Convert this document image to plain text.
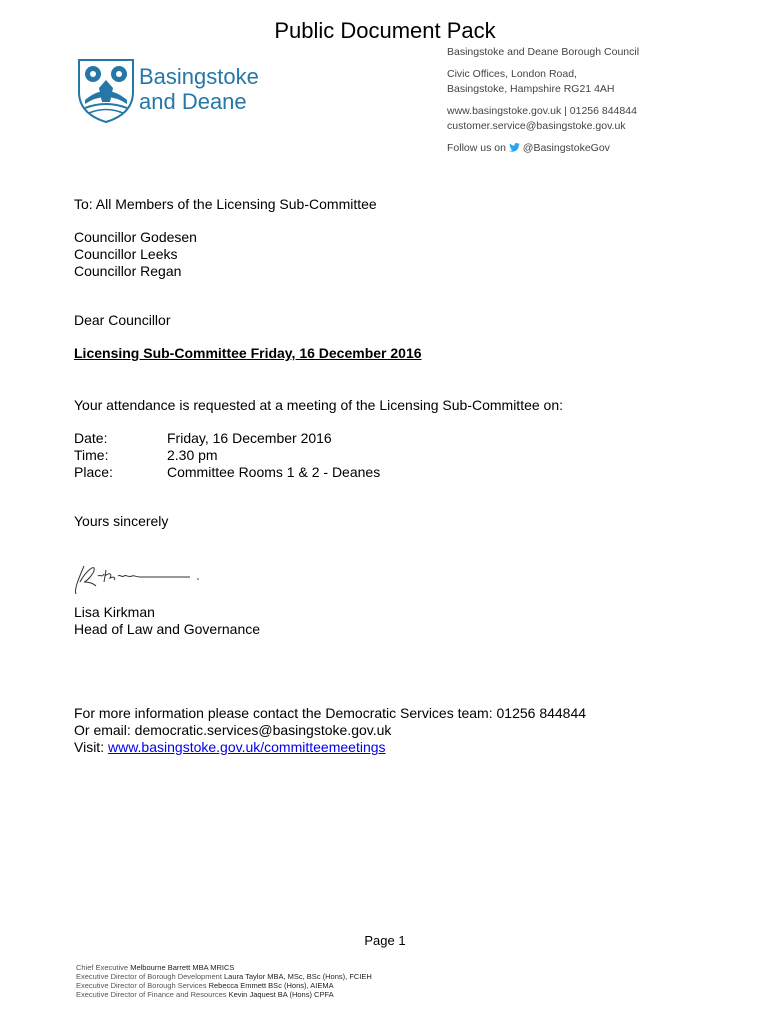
Public Document Pack
Basingstoke
and Deane
Basingstoke and Deane Borough Council
Civic Offices, London Road,
Basingstoke, Hampshire RG21 4AH
www.basingstoke.gov.uk | 01256 844844
customer.service@basingstoke.gov.uk
Follow us on @BasingstokeGov
To: All Members of the Licensing Sub-Committee
Councillor Godesen
Councillor Leeks
Councillor Regan
Dear Councillor
Licensing Sub-Committee Friday, 16 December 2016
Your attendance is requested at a meeting of the Licensing Sub-Committee on:
Date:	Friday, 16 December 2016
Time:	2.30 pm
Place:	Committee Rooms 1 & 2 - Deanes
Yours sincerely
Lisa Kirkman
Head of Law and Governance
For more information please contact the Democratic Services team: 01256 844844
Or email: democratic.services@basingstoke.gov.uk
Visit: www.basingstoke.gov.uk/committeemeetings
Page 1
Chief Executive Melbourne Barrett MBA MRICS
Executive Director of Borough Development Laura Taylor MBA, MSc, BSc (Hons), FCIEH
Executive Director of Borough Services Rebecca Emmett BSc (Hons), AIEMA
Executive Director of Finance and Resources Kevin Jaquest BA (Hons) CPFA
